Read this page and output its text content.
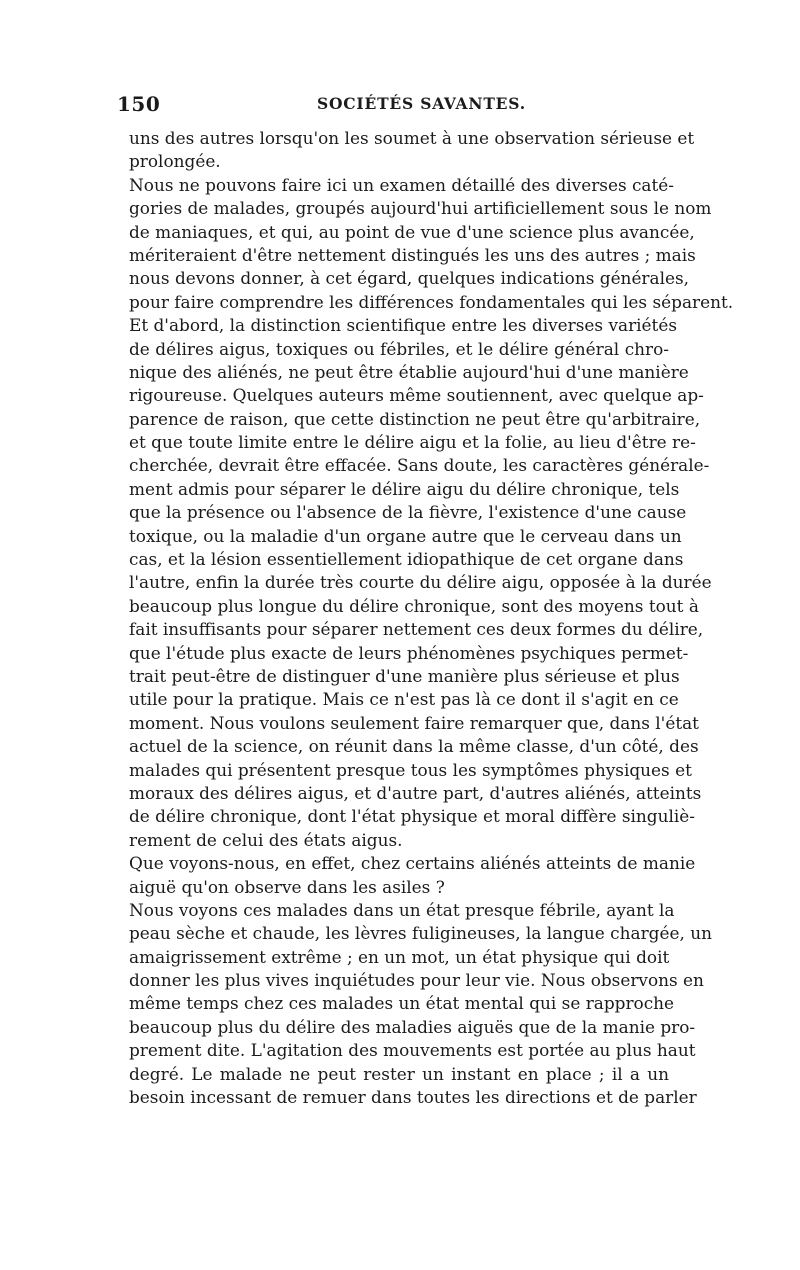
150	SOCIÉTÉS SAVANTES.
uns des autres lorsqu'on les soumet à une observation sérieuse et
prolongée.
Nous ne pouvons faire ici un examen détaillé des diverses caté-
gories de malades, groupés aujourd'hui artificiellement sous le nom
de maniaques, et qui, au point de vue d'une science plus avancée,
mériteraient d'être nettement distingués les uns des autres ; mais
nous devons donner, à cet égard, quelques indications générales,
pour faire comprendre les différences fondamentales qui les séparent.
Et d'abord, la distinction scientifique entre les diverses variétés
de délires aigus, toxiques ou fébriles, et le délire général chro-
nique des aliénés, ne peut être établie aujourd'hui d'une manière
rigoureuse. Quelques auteurs même soutiennent, avec quelque ap-
parence de raison, que cette distinction ne peut être qu'arbitraire,
et que toute limite entre le délire aigu et la folie, au lieu d'être re-
cherchée, devrait être effacée. Sans doute, les caractères générale-
ment admis pour séparer le délire aigu du délire chronique, tels
que la présence ou l'absence de la fièvre, l'existence d'une cause
toxique, ou la maladie d'un organe autre que le cerveau dans un
cas, et la lésion essentiellement idiopathique de cet organe dans
l'autre, enfin la durée très courte du délire aigu, opposée à la durée
beaucoup plus longue du délire chronique, sont des moyens tout à
fait insuffisants pour séparer nettement ces deux formes du délire,
que l'étude plus exacte de leurs phénomènes psychiques permet-
trait peut-être de distinguer d'une manière plus sérieuse et plus
utile pour la pratique. Mais ce n'est pas là ce dont il s'agit en ce
moment. Nous voulons seulement faire remarquer que, dans l'état
actuel de la science, on réunit dans la même classe, d'un côté, des
malades qui présentent presque tous les symptômes physiques et
moraux des délires aigus, et d'autre part, d'autres aliénés, atteints
de délire chronique, dont l'état physique et moral diffère singuliè-
rement de celui des états aigus.
Que voyons-nous, en effet, chez certains aliénés atteints de manie
aiguë qu'on observe dans les asiles ?
Nous voyons ces malades dans un état presque fébrile, ayant la
peau sèche et chaude, les lèvres fuligineuses, la langue chargée, un
amaigrissement extrême ; en un mot, un état physique qui doit
donner les plus vives inquiétudes pour leur vie. Nous observons en
même temps chez ces malades un état mental qui se rapproche
beaucoup plus du délire des maladies aiguës que de la manie pro-
prement dite. L'agitation des mouvements est portée au plus haut
degré. Le malade ne peut rester un instant en place ; il a un
besoin incessant de remuer dans toutes les directions et de parler
